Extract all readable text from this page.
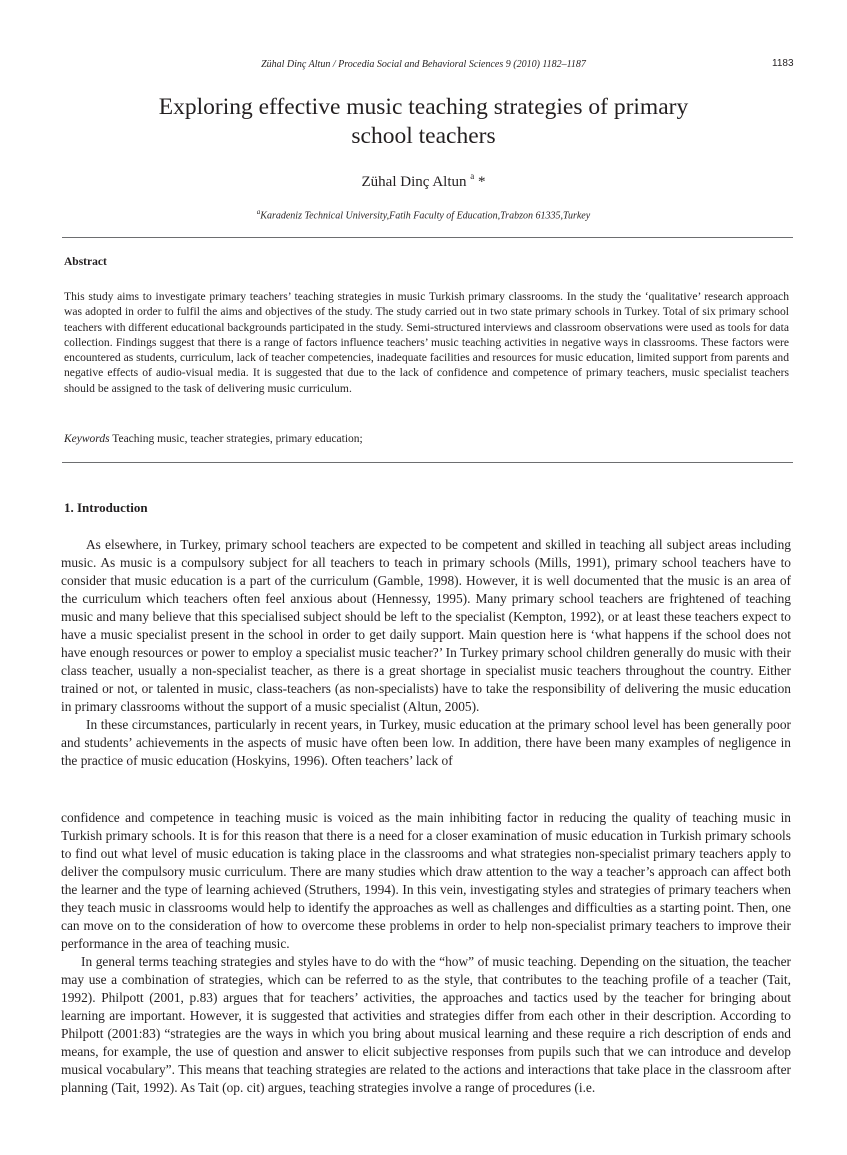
Zühal Dinç Altun / Procedia Social and Behavioral Sciences 9 (2010) 1182–1187	1183
Exploring effective music teaching strategies of primary
school teachers
Zühal Dinç Altun $^a$ *
$^a$Karadeniz Technical University,Fatih Faculty of Education,Trabzon 61335,Turkey
Abstract
This study aims to investigate primary teachers’ teaching strategies in music Turkish primary classrooms. In the study the ‘qualitative’ research approach was adopted in order to fulfil the aims and objectives of the study. The study carried out in two state primary schools in Turkey. Total of six primary school teachers with different educational backgrounds participated in the study. Semi-structured interviews and classroom observations were used as tools for data collection. Findings suggest that there is a range of factors influence teachers’ music teaching activities in negative ways in classrooms. These factors were encountered as students, curriculum, lack of teacher competencies, inadequate facilities and resources for music education, limited support from parents and negative effects of audio-visual media. It is suggested that due to the lack of confidence and competence of primary teachers, music specialist teachers should be assigned to the task of delivering music curriculum.
Keywords Teaching music, teacher strategies, primary education;
1. Introduction

As elsewhere, in Turkey, primary school teachers are expected to be competent and skilled in teaching all subject areas including music. As music is a compulsory subject for all teachers to teach in primary schools (Mills, 1991), primary school teachers have to consider that music education is a part of the curriculum (Gamble, 1998). However, it is well documented that the music is an area of the curriculum which teachers often feel anxious about (Hennessy, 1995). Many primary school teachers are frightened of teaching music and many believe that this specialised subject should be left to the specialist (Kempton, 1992), or at least these teachers expect to have a music specialist present in the school in order to get daily support. Main question here is ‘what happens if the school does not have enough resources or power to employ a specialist music teacher?’ In Turkey primary school children generally do music with their class teacher, usually a non-specialist teacher, as there is a great shortage in specialist music teachers throughout the country. Either trained or not, or talented in music, class-teachers (as non-specialists) have to take the responsibility of delivering the music education in primary classrooms without the support of a music specialist (Altun, 2005).

In these circumstances, particularly in recent years, in Turkey, music education at the primary school level has been generally poor and students’ achievements in the aspects of music have often been low. In addition, there have been many examples of negligence in the practice of music education (Hoskyins, 1996). Often teachers’ lack of

confidence and competence in teaching music is voiced as the main inhibiting factor in reducing the quality of teaching music in Turkish primary schools. It is for this reason that there is a need for a closer examination of music education in Turkish primary schools to find out what level of music education is taking place in the classrooms and what strategies non-specialist primary teachers apply to deliver the compulsory music curriculum. There are many studies which draw attention to the way a teacher’s approach can affect both the learner and the type of learning achieved (Struthers, 1994). In this vein, investigating styles and strategies of primary teachers when they teach music in classrooms would help to identify the approaches as well as challenges and difficulties as a starting point. Then, one can move on to the consideration of how to overcome these problems in order to help non-specialist primary teachers to improve their performance in the area of teaching music.

In general terms teaching strategies and styles have to do with the “how” of music teaching. Depending on the situation, the teacher may use a combination of strategies, which can be referred to as the style, that contributes to the teaching profile of a teacher (Tait, 1992). Philpott (2001, p.83) argues that for teachers’ activities, the approaches and tactics used by the teacher for bringing about learning are important. However, it is suggested that activities and strategies differ from each other in their description. According to Philpott (2001:83) “strategies are the ways in which you bring about musical learning and these require a rich description of ends and means, for example, the use of question and answer to elicit subjective responses from pupils such that we can introduce and develop musical vocabulary”. This means that teaching strategies are related to the actions and interactions that take place in the classroom after planning (Tait, 1992). As Tait (op. cit) argues, teaching strategies involve a range of procedures (i.e.
